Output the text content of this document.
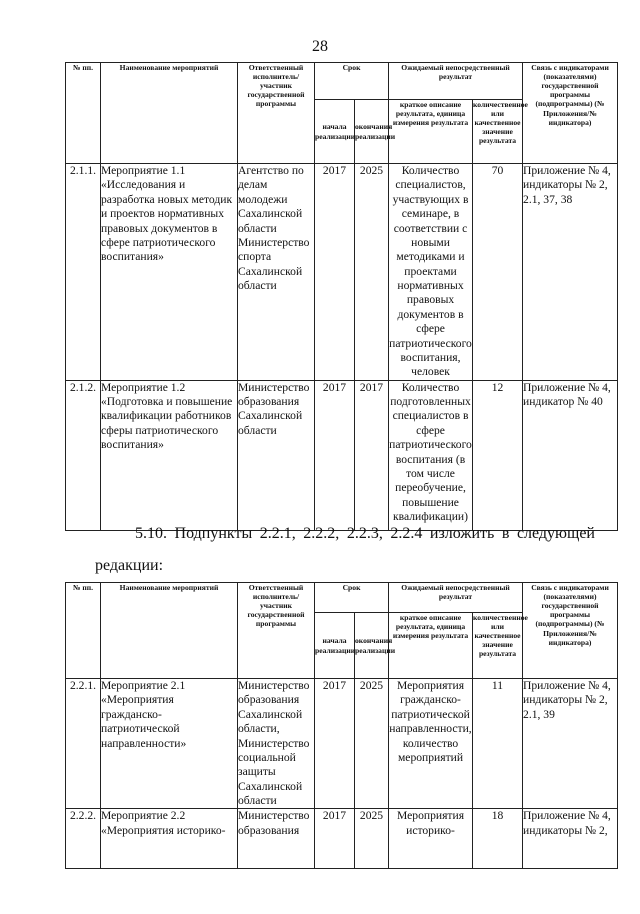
28
№ пп.	Наименование мероприятий	Ответственный исполнитель/участник государственной программы	Срок		Ожидаемый непосредственный результат		Связь с индикаторами (показателями) государственной программы (подпрограммы) (№ Приложения/№ индикатора)
			начала реализации	окончания реализации	краткое описание результата, единица измерения результата	количественное или качественное значение результата	
2.1.1.	Мероприятие 1.1 «Исследования и разработка новых методик и проектов нормативных правовых документов в сфере патриотического воспитания»	Агентство по делам молодежи Сахалинской области Министерство спорта Сахалинской области	2017	2025	Количество специалистов, участвующих в семинаре, в соответствии с новыми методиками и проектами нормативных правовых документов в сфере патриотического воспитания, человек	70	Приложение № 4, индикаторы № 2, 2.1, 37, 38
2.1.2.	Мероприятие 1.2 «Подготовка и повышение квалификации работников сферы патриотического воспитания»	Министерство образования Сахалинской области	2017	2017	Количество подготовленных специалистов в сфере патриотического воспитания (в том числе переобучение, повышение квалификации)	12	Приложение № 4, индикатор № 40
5.10. Подпункты 2.2.1, 2.2.2, 2.2.3, 2.2.4 изложить в следующей
редакции:
№ пп.	Наименование мероприятий	Ответственный исполнитель/участник государственной программы	Срок		Ожидаемый непосредственный результат		Связь с индикаторами (показателями) государственной программы (подпрограммы) (№ Приложения/№ индикатора)
			начала реализации	окончания реализации	краткое описание результата, единица измерения результата	количественное или качественное значение результата	
2.2.1.	Мероприятие 2.1 «Мероприятия гражданско-патриотической направленности»	Министерство образования Сахалинской области, Министерство социальной защиты Сахалинской области	2017	2025	Мероприятия гражданско-патриотической направленности, количество мероприятий	11	Приложение № 4, индикаторы № 2, 2.1, 39
2.2.2.	Мероприятие 2.2 «Мероприятия историко-	Министерство образования	2017	2025	Мероприятия историко-	18	Приложение № 4, индикаторы № 2,
